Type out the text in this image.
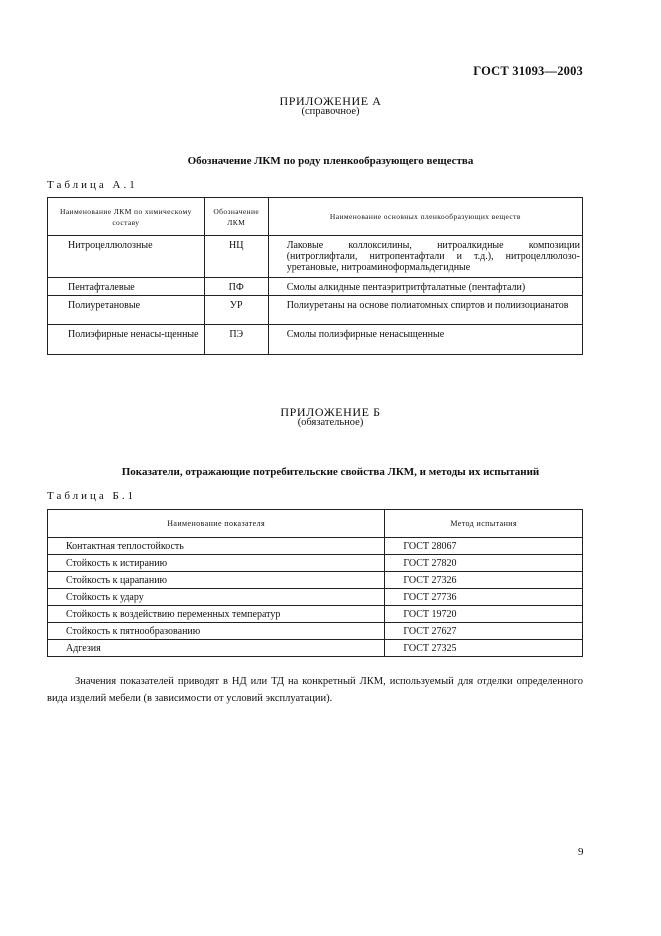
ГОСТ 31093—2003
ПРИЛОЖЕНИЕ А
(справочное)
Обозначение ЛКМ по роду пленкообразующего вещества
Таблица А.1
Наименование ЛКМ по химическому составу	Обозначение ЛКМ	Наименование основных пленкообразующих веществ
Нитроцеллюлозные	НЦ	Лаковые коллоксилины, нитроалкидные композиции (нитроглифтали, нитропентафтали и т.д.), нитроцеллюлозо-уретановые, нитроаминоформальдегидные
Пентафталевые	ПФ	Смолы алкидные пентаэритритфталатные (пентафтали)
Полиуретановые	УР	Полиуретаны на основе полиатомных спиртов и полиизоцианатов
Полиэфирные ненасы-щенные	ПЭ	Смолы полиэфирные ненасыщенные
ПРИЛОЖЕНИЕ Б
(обязательное)
Показатели, отражающие потребительские свойства ЛКМ, и методы их испытаний
Таблица Б.1
Наименование показателя	Метод испытания
Контактная теплостойкость	ГОСТ 28067
Стойкость к истиранию	ГОСТ 27820
Стойкость к царапанию	ГОСТ 27326
Стойкость к удару	ГОСТ 27736
Стойкость к воздействию переменных температур	ГОСТ 19720
Стойкость к пятнообразованию	ГОСТ 27627
Адгезия	ГОСТ 27325
Значения показателей приводят в НД или ТД на конкретный ЛКМ, используемый для отделки определенного вида изделий мебели (в зависимости от условий эксплуатации).
9
